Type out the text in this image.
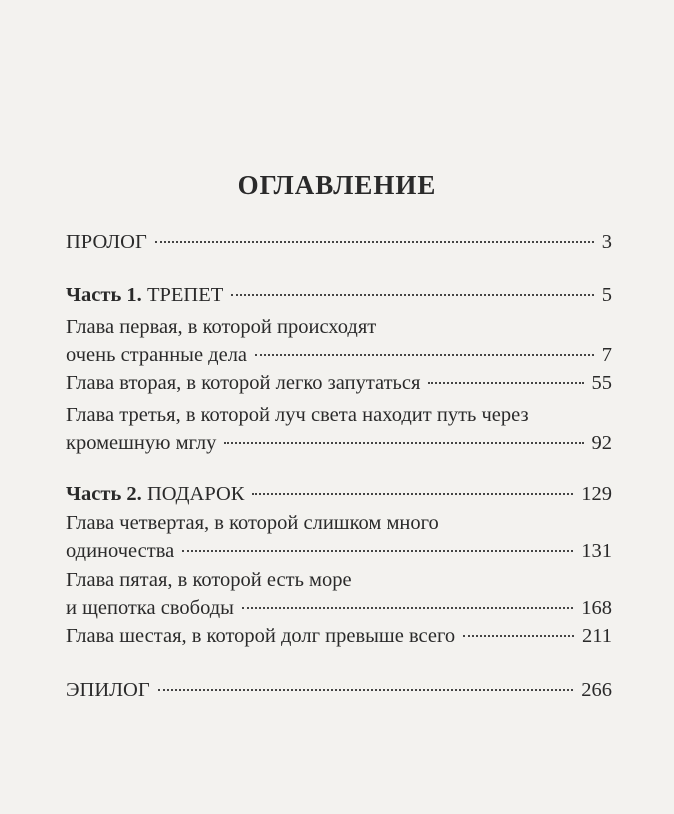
ОГЛАВЛЕНИЕ
ПРОЛОГ	3
Часть 1. ТРЕПЕТ	5
Глава первая, в которой происходят
очень странные дела	7
Глава вторая, в которой легко запутаться	55
Глава третья, в которой луч света находит путь через
кромешную мглу	92
Часть 2. ПОДАРОК	129
Глава четвертая, в которой слишком много
одиночества	131
Глава пятая, в которой есть море
и щепотка свободы	168
Глава шестая, в которой долг превыше всего	211
ЭПИЛОГ	266
